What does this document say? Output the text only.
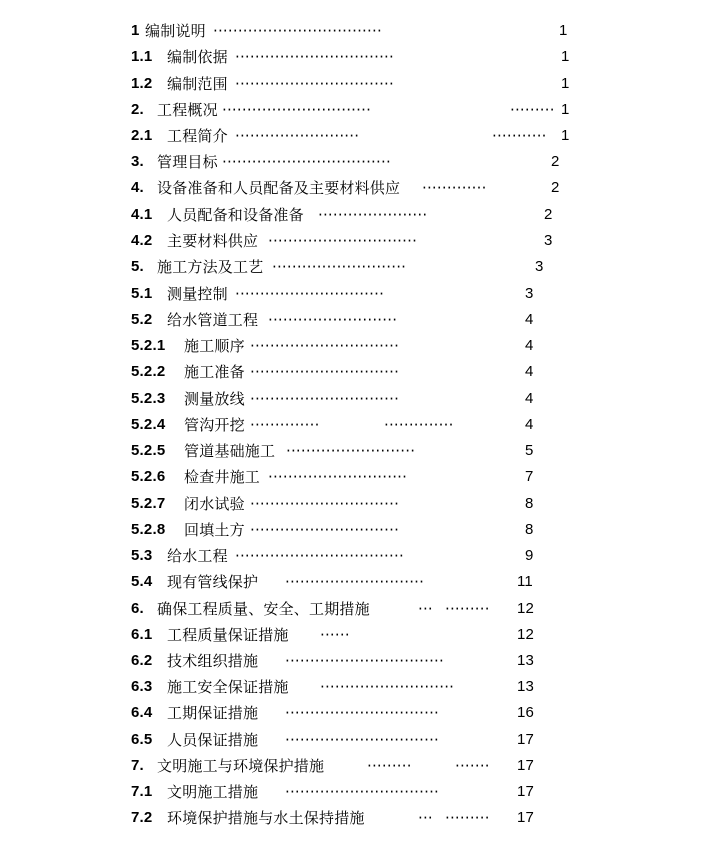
1 编制说明 ··································	1
1.1 编制依据 ································	1
1.2 编制范围 ································	1
2. 工程概况 ······························	········· 1
2.1 工程简介 ·························	··········· 1
3. 管理目标 ··································	2
4. 设备准备和人员配备及主要材料供应 ·············	2
4.1 人员配备和设备准备 ······················	2
4.2 主要材料供应 ······························	3
5. 施工方法及工艺 ···························	3
5.1 测量控制 ······························	3
5.2 给水管道工程 ··························	4
5.2.1 施工顺序 ······························	4
5.2.2 施工准备 ······························	4
5.2.3 测量放线 ······························	4
5.2.4 管沟开挖 ··············	··············	4
5.2.5 管道基础施工 ··························	5
5.2.6 检查井施工 ····························	7
5.2.7 闭水试验 ······························	8
5.2.8 回填土方 ······························	8
5.3 给水工程 ··································	9
5.4 现有管线保护 ····························	11
6. 确保工程质量、安全、工期措施	··· ········· 12
6.1 工程质量保证措施 ······	12
6.2 技术组织措施 ································	13
6.3 施工安全保证措施 ···························	13
6.4 工期保证措施 ·······························	16
6.5 人员保证措施 ·······························	17
7. 文明施工与环境保护措施	·········	······· 17
7.1 文明施工措施 ·······························	17
7.2 环境保护措施与水土保持措施	··· ········· 17
